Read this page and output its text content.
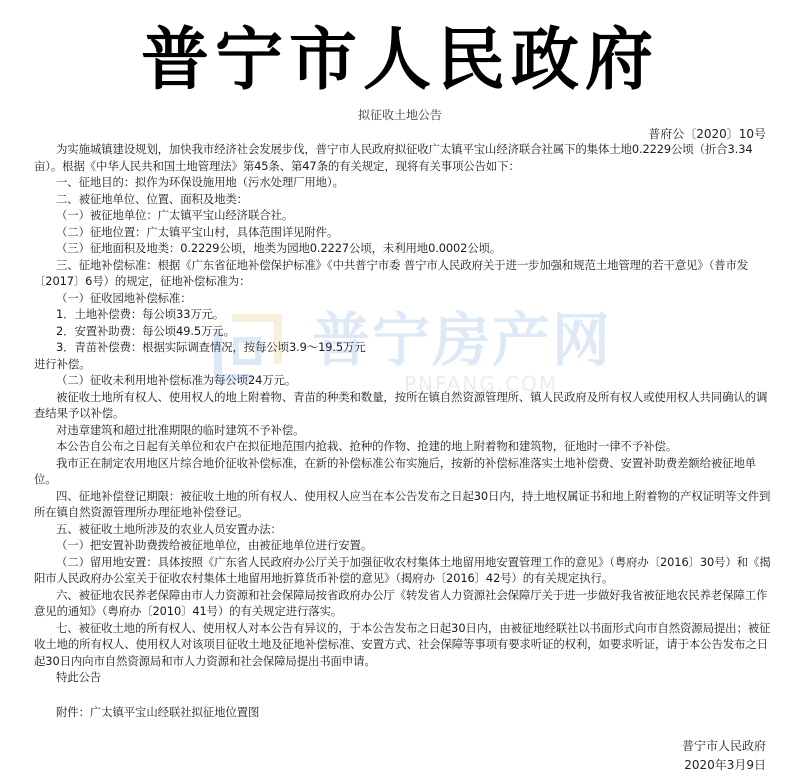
普宁市人民政府
拟征收土地公告
普府公〔2020〕10号

为实施城镇建设规划，加快我市经济社会发展步伐，普宁市人民政府拟征收广太镇平宝山经济联合社属下的集体土地0.2229公顷（折合3.34亩）。根据《中华人民共和国土地管理法》第45条、第47条的有关规定，现将有关事项公告如下：

一、征地目的：拟作为环保设施用地（污水处理厂用地）。

二、被征地单位、位置、面积及地类：

（一）被征地单位：广太镇平宝山经济联合社。

（二）征地位置：广太镇平宝山村，具体范围详见附件。

（三）征地面积及地类：0.2229公顷，地类为园地0.2227公顷，未利用地0.0002公顷。

三、征地补偿标准：根据《广东省征地补偿保护标准》《中共普宁市委 普宁市人民政府关于进一步加强和规范土地管理的若干意见》（普市发〔2017〕6号）的规定，征地补偿标准为：

（一）征收园地补偿标准：

1．土地补偿费：每公顷33万元。

2．安置补助费：每公顷49.5万元。

3．青苗补偿费：根据实际调查情况，按每公顷3.9～19.5万元进行补偿。

（二）征收未利用地补偿标准为每公顷24万元。

被征收土地所有权人、使用权人的地上附着物、青苗的种类和数量，按所在镇自然资源管理所、镇人民政府及所有权人或使用权人共同确认的调查结果予以补偿。

对违章建筑和超过批准期限的临时建筑不予补偿。

本公告自公布之日起有关单位和农户在拟征地范围内抢栽、抢种的作物、抢建的地上附着物和建筑物，征地时一律不予补偿。

我市正在制定农用地区片综合地价征收补偿标准，在新的补偿标准公布实施后，按新的补偿标准落实土地补偿费、安置补助费差额给被征地单位。

四、征地补偿登记期限：被征收土地的所有权人、使用权人应当在本公告发布之日起30日内，持土地权属证书和地上附着物的产权证明等文件到所在镇自然资源管理所办理征地补偿登记。

五、被征收土地所涉及的农业人员安置办法：

（一）把安置补助费拨给被征地单位，由被征地单位进行安置。

（二）留用地安置：具体按照《广东省人民政府办公厅关于加强征收农村集体土地留用地安置管理工作的意见》（粤府办〔2016〕30号）和《揭阳市人民政府办公室关于征收农村集体土地留用地折算货币补偿的意见》（揭府办〔2016〕42号）的有关规定执行。

六、被征地农民养老保障由市人力资源和社会保障局按省政府办公厅《转发省人力资源社会保障厅关于进一步做好我省被征地农民养老保障工作意见的通知》（粤府办〔2010〕41号）的有关规定进行落实。

七、被征收土地的所有权人、使用权人对本公告有异议的，于本公告发布之日起30日内，由被征地经联社以书面形式向市自然资源局提出；被征收土地的所有权人、使用权人对该项目征收土地及征地补偿标准、安置方式、社会保障等事项有要求听证的权利，如要求听证，请于本公告发布之日起30日内向市自然资源局和市人力资源和社会保障局提出书面申请。

特此公告

附件：广太镇平宝山经联社拟征地位置图

普宁市人民政府
2020年3月9日
普宁房产网
PNFANG.COM
